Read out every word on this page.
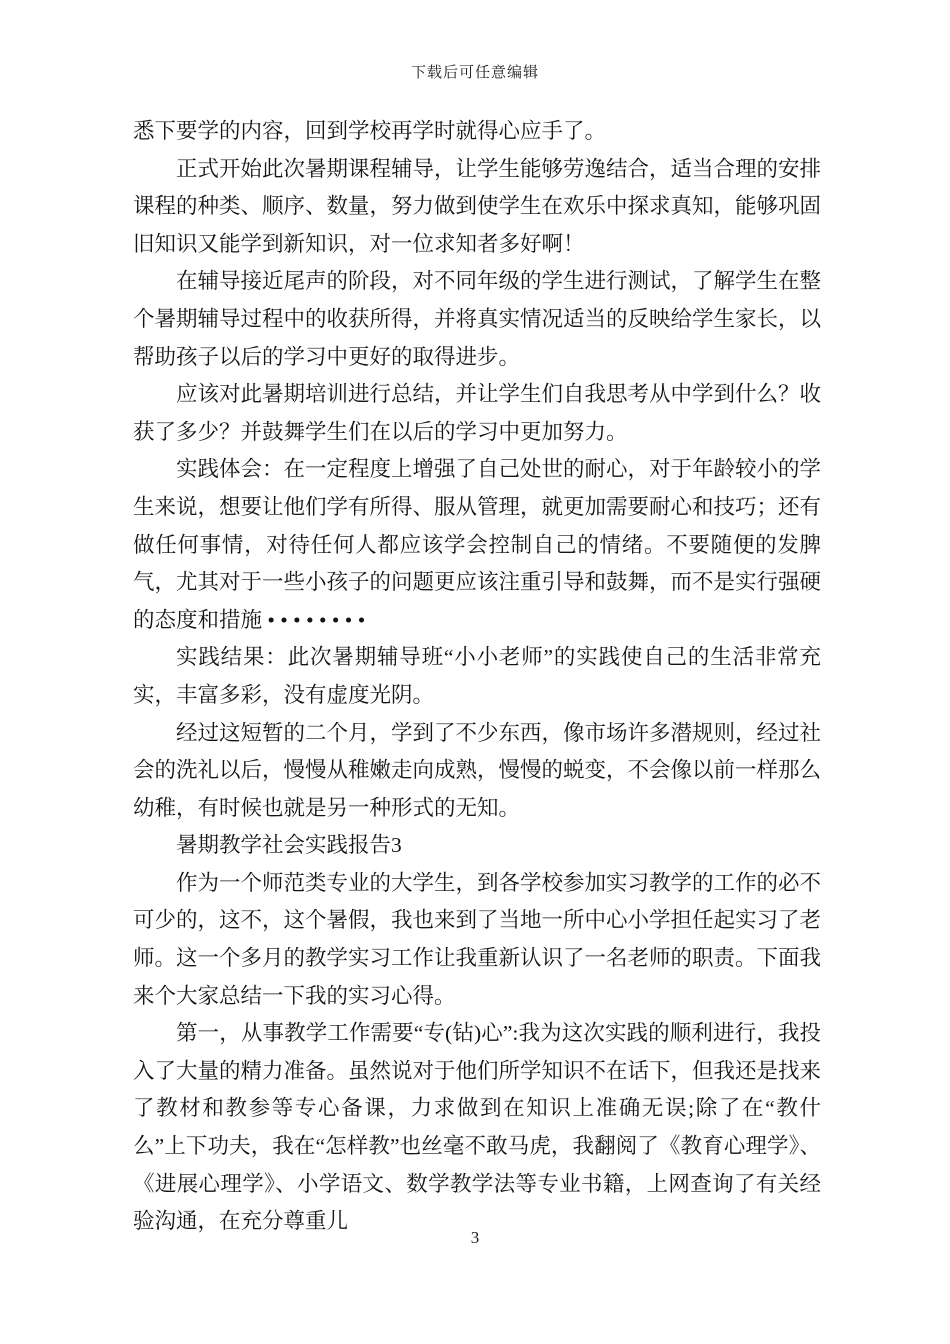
下载后可任意编辑

悉下要学的内容，回到学校再学时就得心应手了。

正式开始此次暑期课程辅导，让学生能够劳逸结合，适当合理的安排课程的种类、顺序、数量，努力做到使学生在欢乐中探求真知，能够巩固旧知识又能学到新知识，对一位求知者多好啊！

在辅导接近尾声的阶段，对不同年级的学生进行测试，了解学生在整个暑期辅导过程中的收获所得，并将真实情况适当的反映给学生家长，以帮助孩子以后的学习中更好的取得进步。

应该对此暑期培训进行总结，并让学生们自我思考从中学到什么？收获了多少？并鼓舞学生们在以后的学习中更加努力。

实践体会：在一定程度上增强了自己处世的耐心，对于年龄较小的学生来说，想要让他们学有所得、服从管理，就更加需要耐心和技巧；还有做任何事情，对待任何人都应该学会控制自己的情绪。不要随便的发脾气，尤其对于一些小孩子的问题更应该注重引导和鼓舞，而不是实行强硬的态度和措施 • • • • • • • •

实践结果：此次暑期辅导班“小小老师”的实践使自己的生活非常充实，丰富多彩，没有虚度光阴。

经过这短暂的二个月，学到了不少东西，像市场许多潜规则，经过社会的洗礼以后，慢慢从稚嫩走向成熟，慢慢的蜕变，不会像以前一样那么幼稚，有时候也就是另一种形式的无知。

暑期教学社会实践报告3

作为一个师范类专业的大学生，到各学校参加实习教学的工作的必不可少的，这不，这个暑假，我也来到了当地一所中心小学担任起实习了老师。这一个多月的教学实习工作让我重新认识了一名老师的职责。下面我来个大家总结一下我的实习心得。

第一，从事教学工作需要“专(钻)心”:我为这次实践的顺利进行，我投入了大量的精力准备。虽然说对于他们所学知识不在话下，但我还是找来了教材和教参等专心备课，力求做到在知识上准确无误;除了在“教什么”上下功夫，我在“怎样教”也丝毫不敢马虎，我翻阅了《教育心理学》、《进展心理学》、小学语文、数学教学法等专业书籍，上网查询了有关经验沟通，在充分尊重儿

3
